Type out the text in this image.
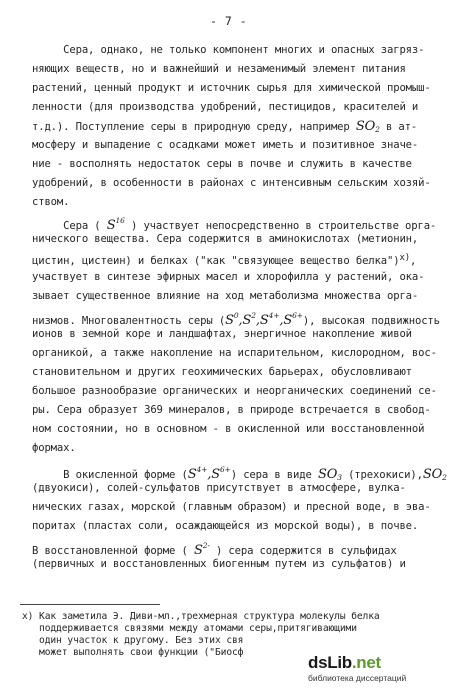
- 7 -
Сера, однако, не только компонент многих и опасных загряз-
няющих веществ, но и важнейший и незаменимый элемент питания
растений, ценный продукт и источник сырья для химической промыш-
ленности (для производства удобрений, пестицидов, красителей и
т.д.). Поступление серы в природную среду, например $SO_2$ в ат-
мосферу и выпадение с осадками может иметь и позитивное значе-
ние - восполнять недостаток серы в почве и служить в качестве
удобрений, в особенности в районах с интенсивным сельским хозяй-
ством.
Сера ( $S^{16}$ ) участвует непосредственно в строительстве орга-
нического вещества. Сера содержится в аминокислотах (метионин,
цистин, цистеин) и белках ("как "связующее вещество белка")$^{x)}$,
участвует в синтезе эфирных масел и хлорофилла у растений, ока-
зывает существенное влияние на ход метаболизма множества орга-
низмов. Многовалентность серы $(S^0,S^2,S^{4+},S^{6+})$, высокая подвижность
ионов в земной коре и ландшафтах, энергичное накопление живой
органикой, а также накопление на испарительном, кислородном, вос-
становительном и других геохимических барьерах, обусловливают
большое разнообразие органических и неорганических соединений се-
ры. Сера образует 369 минералов, в природе встречается в свобод-
ном состоянии, но в основном - в окисленной или восстановленной
формах.
В окисленной форме $(S^{4+},S^{6+})$ сера в виде $SO_3$ $(трехокиси),SO_2$
(двуокиси), солей-сульфатов присутствует в атмосфере, вулка-
нических газах, морской (главным образом) и пресной воде, в эва-
поритах (пластах соли, осаждающейся из морской воды), в почве.
В восстановленной форме ( $S^{2-}$ ) сера содержится в сульфидах
(первичных и восстановленных биогенным путем из сульфатов) и
x) Как заметила Э. Диви-мл.,трехмерная структура молекулы белка
поддерживается связями между атомами серы,притягивающими
один участок к другому. Без этих свя
может выполнять свои функции ("Биосф
dsLib.net
библиотека диссертаций
